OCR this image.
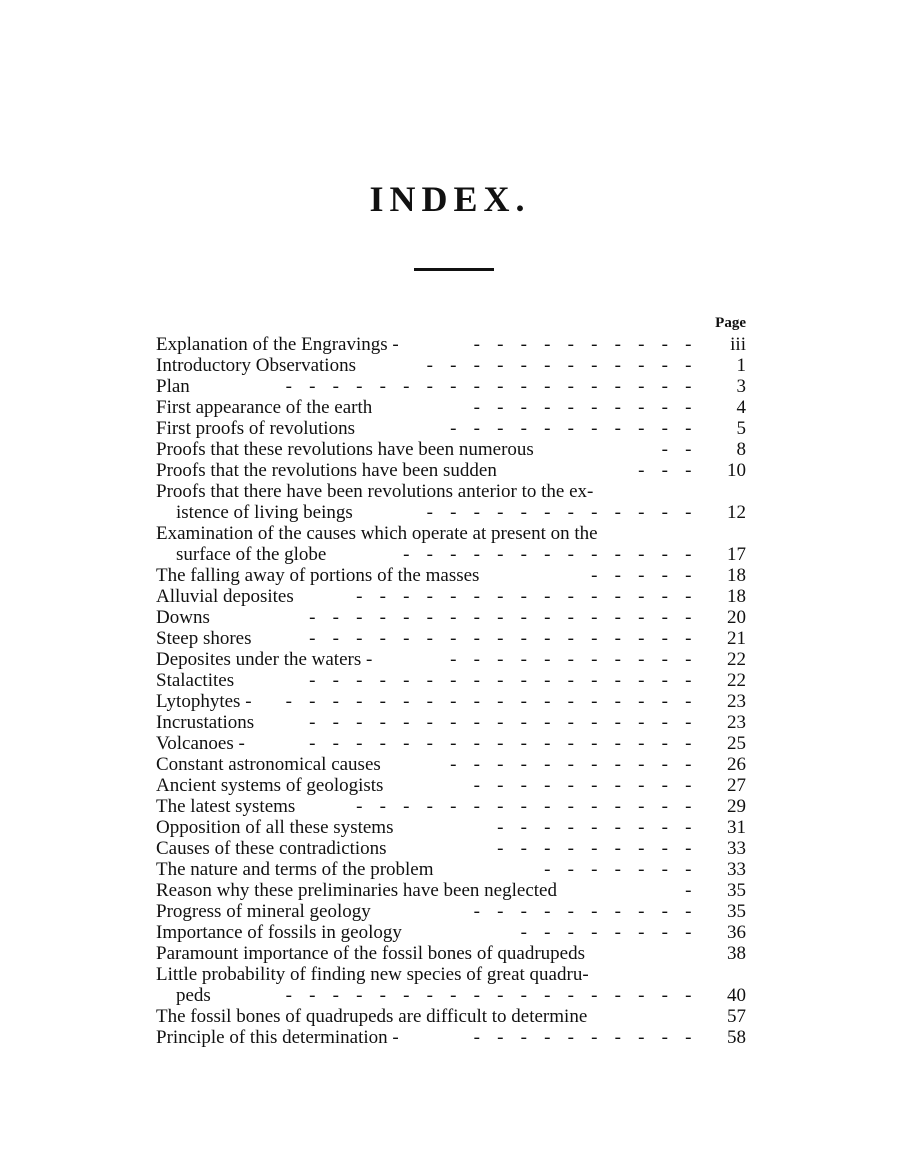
INDEX.
Page
Explanation of the Engravings -	- - - - - - - - - -	iii
Introductory Observations	- - - - - - - - - - - -	1
Plan	- - - - - - - - - - - - - - - - - -	3
First appearance of the earth	- - - - - - - - - -	4
First proofs of revolutions	- - - - - - - - - - -	5
Proofs that these revolutions have been numerous	- -	8
Proofs that the revolutions have been sudden	- - -	10
Proofs that there have been revolutions anterior to the ex-
istence of living beings	- - - - - - - - - - - -	12
Examination of the causes which operate at present on the
surface of the globe	- - - - - - - - - - - - -	17
The falling away of portions of the masses	- - - - -	18
Alluvial deposites	- - - - - - - - - - - - - - -	18
Downs	- - - - - - - - - - - - - - - - -	20
Steep shores	- - - - - - - - - - - - - - - - -	21
Deposites under the waters -	- - - - - - - - - - -	22
Stalactites	- - - - - - - - - - - - - - - - -	22
Lytophytes -	- - - - - - - - - - - - - - - - - -	23
Incrustations	- - - - - - - - - - - - - - - - -	23
Volcanoes -	- - - - - - - - - - - - - - - - -	25
Constant astronomical causes	- - - - - - - - - - -	26
Ancient systems of geologists	- - - - - - - - - -	27
The latest systems	- - - - - - - - - - - - - - -	29
Opposition of all these systems	- - - - - - - - -	31
Causes of these contradictions	- - - - - - - - -	33
The nature and terms of the problem	- - - - - - -	33
Reason why these preliminaries have been neglected	-	35
Progress of mineral geology	- - - - - - - - - -	35
Importance of fossils in geology	- - - - - - - -	36
Paramount importance of the fossil bones of quadrupeds	38
Little probability of finding new species of great quadru-
peds	- - - - - - - - - - - - - - - - - -	40
The fossil bones of quadrupeds are difficult to determine	57
Principle of this determination -	- - - - - - - - - -	58
